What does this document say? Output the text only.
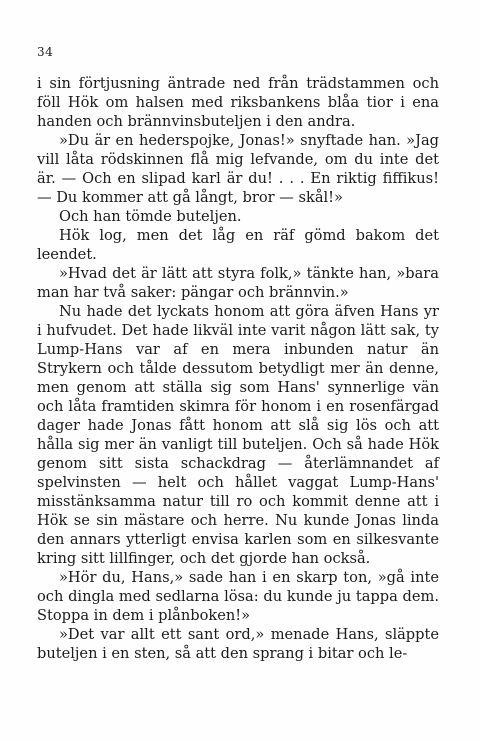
34

i sin förtjusning äntrade ned från trädstammen och föll Hök om halsen med riksbankens blåa tior i ena handen och brännvinsbuteljen i den andra.

»Du är en hederspojke, Jonas!» snyftade han. »Jag vill låta rödskinnen flå mig lefvande, om du inte det är. — Och en slipad karl är du! . . . En riktig fiffikus! — Du kommer att gå långt, bror — skål!»

Och han tömde buteljen.

Hök log, men det låg en räf gömd bakom det leendet.

»Hvad det är lätt att styra folk,» tänkte han, »bara man har två saker: pängar och brännvin.»

Nu hade det lyckats honom att göra äfven Hans yr i hufvudet. Det hade likväl inte varit någon lätt sak, ty Lump-Hans var af en mera inbunden natur än Strykern och tålde dessutom betydligt mer än denne, men genom att ställa sig som Hans' synnerlige vän och låta framtiden skimra för honom i en rosenfärgad dager hade Jonas fått honom att slå sig lös och att hålla sig mer än vanligt till buteljen. Och så hade Hök genom sitt sista schackdrag — återlämnandet af spelvinsten — helt och hållet vaggat Lump-Hans' misstänksamma natur till ro och kommit denne att i Hök se sin mästare och herre. Nu kunde Jonas linda den annars ytterligt envisa karlen som en silkesvante kring sitt lillfinger, och det gjorde han också.

»Hör du, Hans,» sade han i en skarp ton, »gå inte och dingla med sedlarna lösa: du kunde ju tappa dem. Stoppa in dem i plånboken!»

»Det var allt ett sant ord,» menade Hans, släppte buteljen i en sten, så att den sprang i bitar och le-
